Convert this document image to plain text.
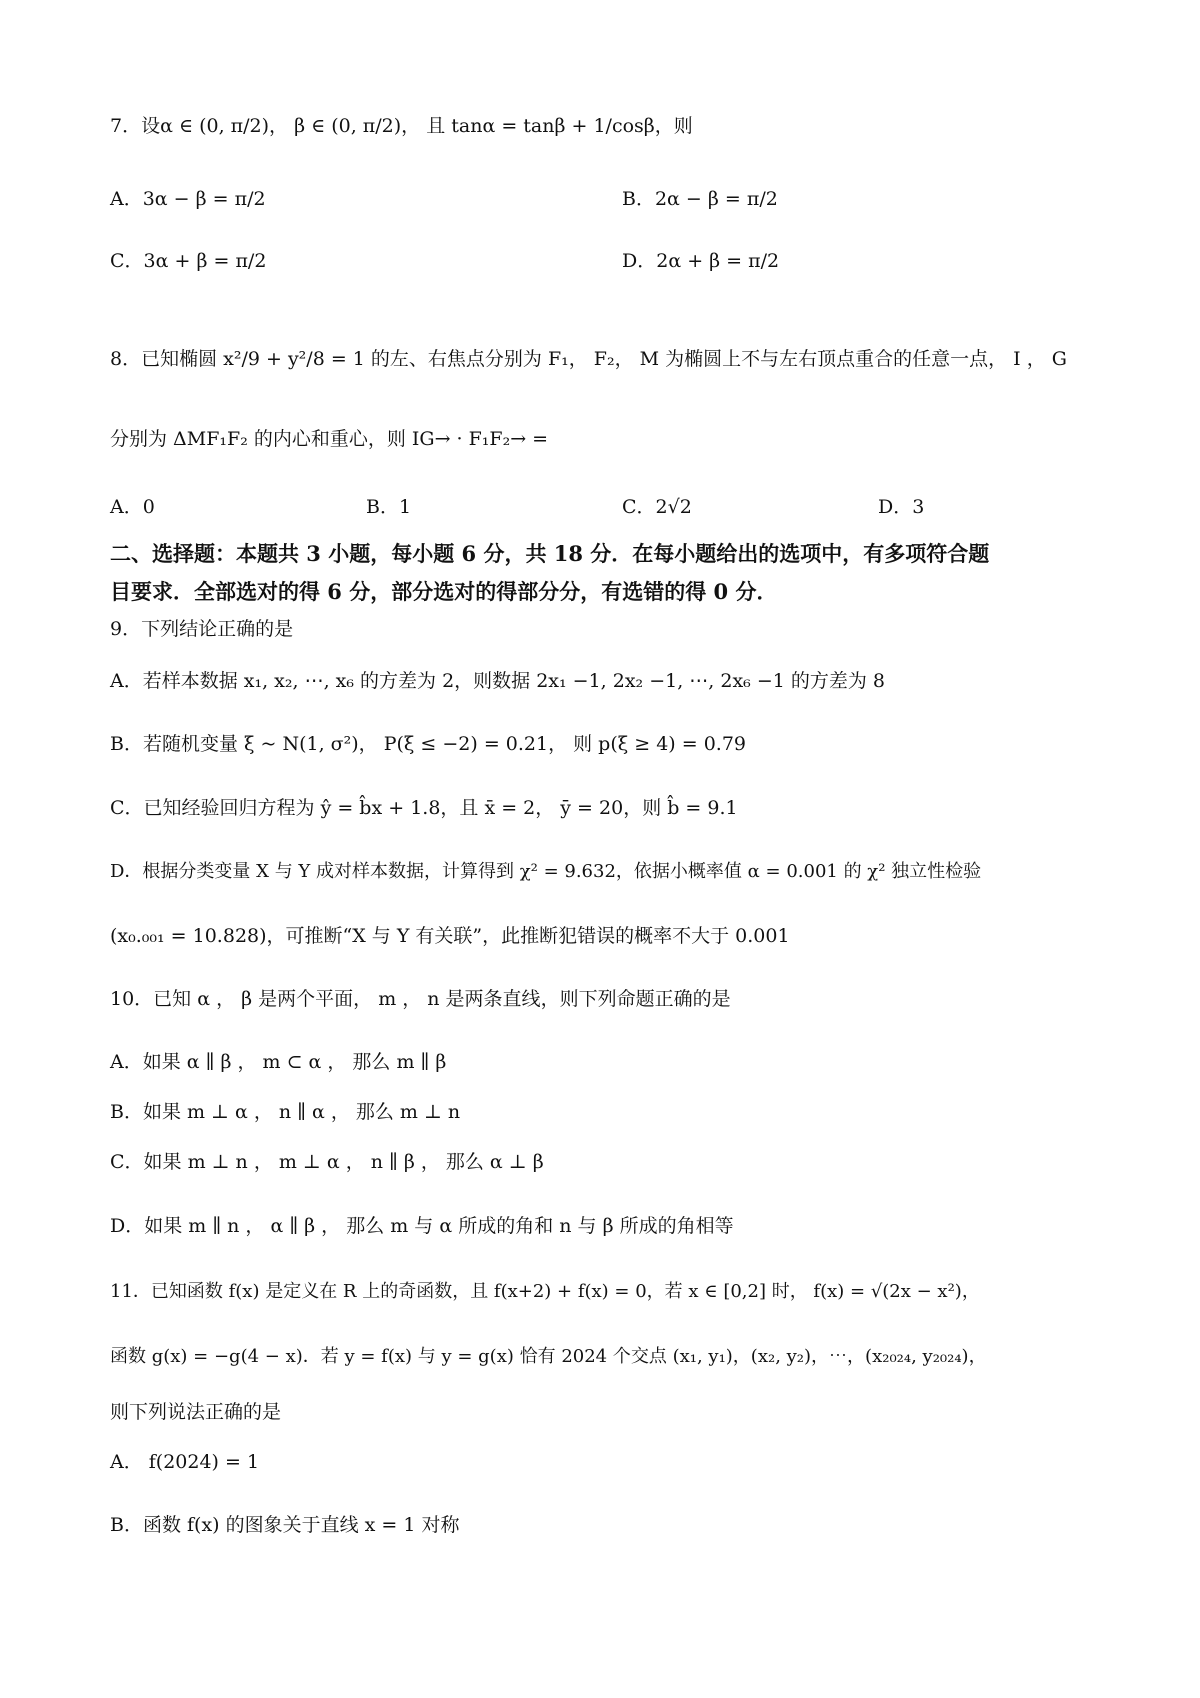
7．设α ∈ (0, π/2)， β ∈ (0, π/2)， 且 tanα = tanβ + 1/cosβ，则
A．3α − β = π/2	B．2α − β = π/2
C．3α + β = π/2	D．2α + β = π/2
8．已知椭圆 x²/9 + y²/8 = 1 的左、右焦点分别为 F₁， F₂， M 为椭圆上不与左右顶点重合的任意一点， I ， G
分别为 ΔMF₁F₂ 的内心和重心，则 IG→ · F₁F₂→ =
A．0	B．1	C．2√2	D．3
二、选择题：本题共 3 小题，每小题 6 分，共 18 分．在每小题给出的选项中，有多项符合题
目要求．全部选对的得 6 分，部分选对的得部分分，有选错的得 0 分．
9．下列结论正确的是
A．若样本数据 x₁, x₂, ⋯, x₆ 的方差为 2，则数据 2x₁ −1, 2x₂ −1, ⋯, 2x₆ −1 的方差为 8
B．若随机变量 ξ ~ N(1, σ²)， P(ξ ≤ −2) = 0.21， 则 p(ξ ≥ 4) = 0.79
C．已知经验回归方程为 ŷ = b̂x + 1.8，且 x̄ = 2， ȳ = 20，则 b̂ = 9.1
D．根据分类变量 X 与 Y 成对样本数据，计算得到 χ² = 9.632，依据小概率值 α = 0.001 的 χ² 独立性检验
(x₀.₀₀₁ = 10.828)，可推断“X 与 Y 有关联”，此推断犯错误的概率不大于 0.001
10．已知 α ， β 是两个平面， m ， n 是两条直线，则下列命题正确的是
A．如果 α ∥ β ， m ⊂ α ， 那么 m ∥ β
B．如果 m ⊥ α ， n ∥ α ， 那么 m ⊥ n
C．如果 m ⊥ n ， m ⊥ α ， n ∥ β ， 那么 α ⊥ β
D．如果 m ∥ n ， α ∥ β ， 那么 m 与 α 所成的角和 n 与 β 所成的角相等
11．已知函数 f(x) 是定义在 R 上的奇函数，且 f(x+2) + f(x) = 0，若 x ∈ [0,2] 时， f(x) = √(2x − x²)，
函数 g(x) = −g(4 − x)．若 y = f(x) 与 y = g(x) 恰有 2024 个交点 (x₁, y₁)，(x₂, y₂)，⋯，(x₂₀₂₄, y₂₀₂₄)，
则下列说法正确的是
A． f(2024) = 1
B．函数 f(x) 的图象关于直线 x = 1 对称
